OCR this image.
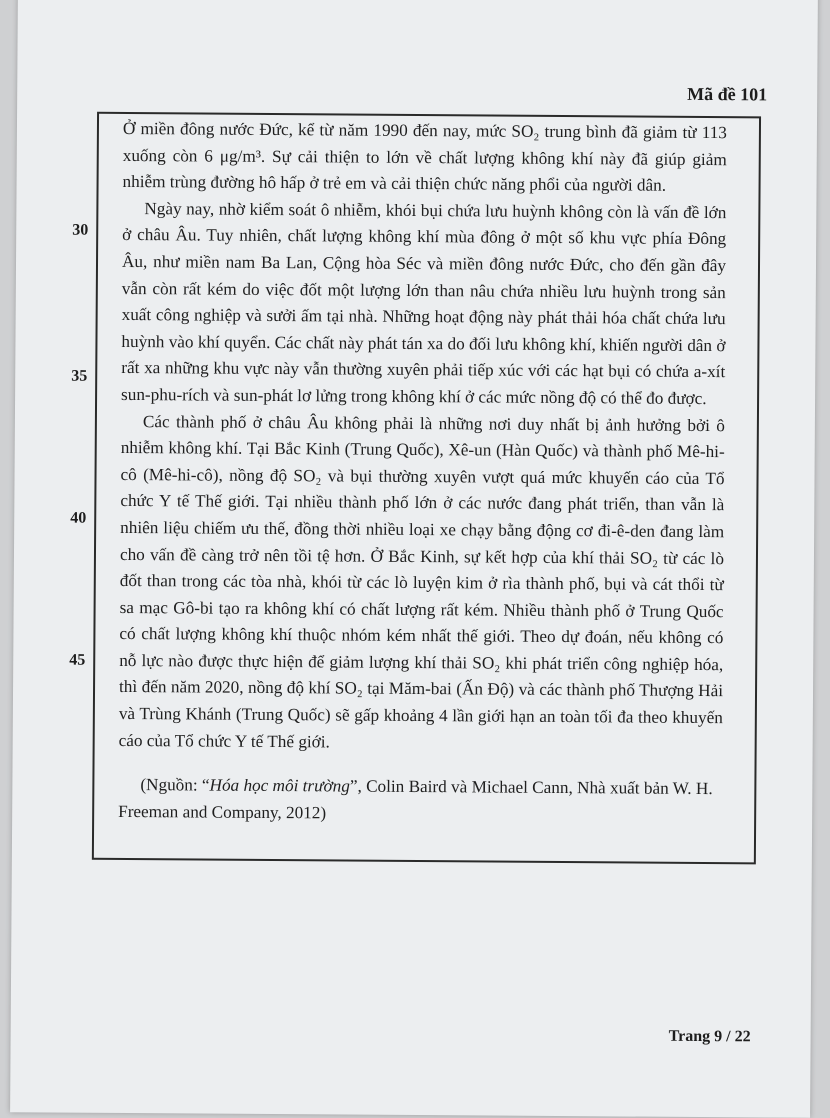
Mã đề 101
30
35
40
45

Ở miền đông nước Đức, kể từ năm 1990 đến nay, mức SO₂ trung bình đã giảm từ 113 xuống còn 6 μg/m³. Sự cải thiện to lớn về chất lượng không khí này đã giúp giảm nhiễm trùng đường hô hấp ở trẻ em và cải thiện chức năng phổi của người dân.

Ngày nay, nhờ kiểm soát ô nhiễm, khói bụi chứa lưu huỳnh không còn là vấn đề lớn ở châu Âu. Tuy nhiên, chất lượng không khí mùa đông ở một số khu vực phía Đông Âu, như miền nam Ba Lan, Cộng hòa Séc và miền đông nước Đức, cho đến gần đây vẫn còn rất kém do việc đốt một lượng lớn than nâu chứa nhiều lưu huỳnh trong sản xuất công nghiệp và sưởi ấm tại nhà. Những hoạt động này phát thải hóa chất chứa lưu huỳnh vào khí quyển. Các chất này phát tán xa do đối lưu không khí, khiến người dân ở rất xa những khu vực này vẫn thường xuyên phải tiếp xúc với các hạt bụi có chứa a-xít sun-phu-rích và sun-phát lơ lửng trong không khí ở các mức nồng độ có thể đo được.

Các thành phố ở châu Âu không phải là những nơi duy nhất bị ảnh hưởng bởi ô nhiễm không khí. Tại Bắc Kinh (Trung Quốc), Xê-un (Hàn Quốc) và thành phố Mê-hi-cô (Mê-hi-cô), nồng độ SO₂ và bụi thường xuyên vượt quá mức khuyến cáo của Tổ chức Y tế Thế giới. Tại nhiều thành phố lớn ở các nước đang phát triển, than vẫn là nhiên liệu chiếm ưu thế, đồng thời nhiều loại xe chạy bằng động cơ đi-ê-den đang làm cho vấn đề càng trở nên tồi tệ hơn. Ở Bắc Kinh, sự kết hợp của khí thải SO₂ từ các lò đốt than trong các tòa nhà, khói từ các lò luyện kim ở rìa thành phố, bụi và cát thổi từ sa mạc Gô-bi tạo ra không khí có chất lượng rất kém. Nhiều thành phố ở Trung Quốc có chất lượng không khí thuộc nhóm kém nhất thế giới. Theo dự đoán, nếu không có nỗ lực nào được thực hiện để giảm lượng khí thải SO₂ khi phát triển công nghiệp hóa, thì đến năm 2020, nồng độ khí SO₂ tại Măm-bai (Ấn Độ) và các thành phố Thượng Hải và Trùng Khánh (Trung Quốc) sẽ gấp khoảng 4 lần giới hạn an toàn tối đa theo khuyến cáo của Tổ chức Y tế Thế giới.

(Nguồn: “Hóa học môi trường”, Colin Baird và Michael Cann, Nhà xuất bản W. H. Freeman and Company, 2012)

Trang 9 / 22
